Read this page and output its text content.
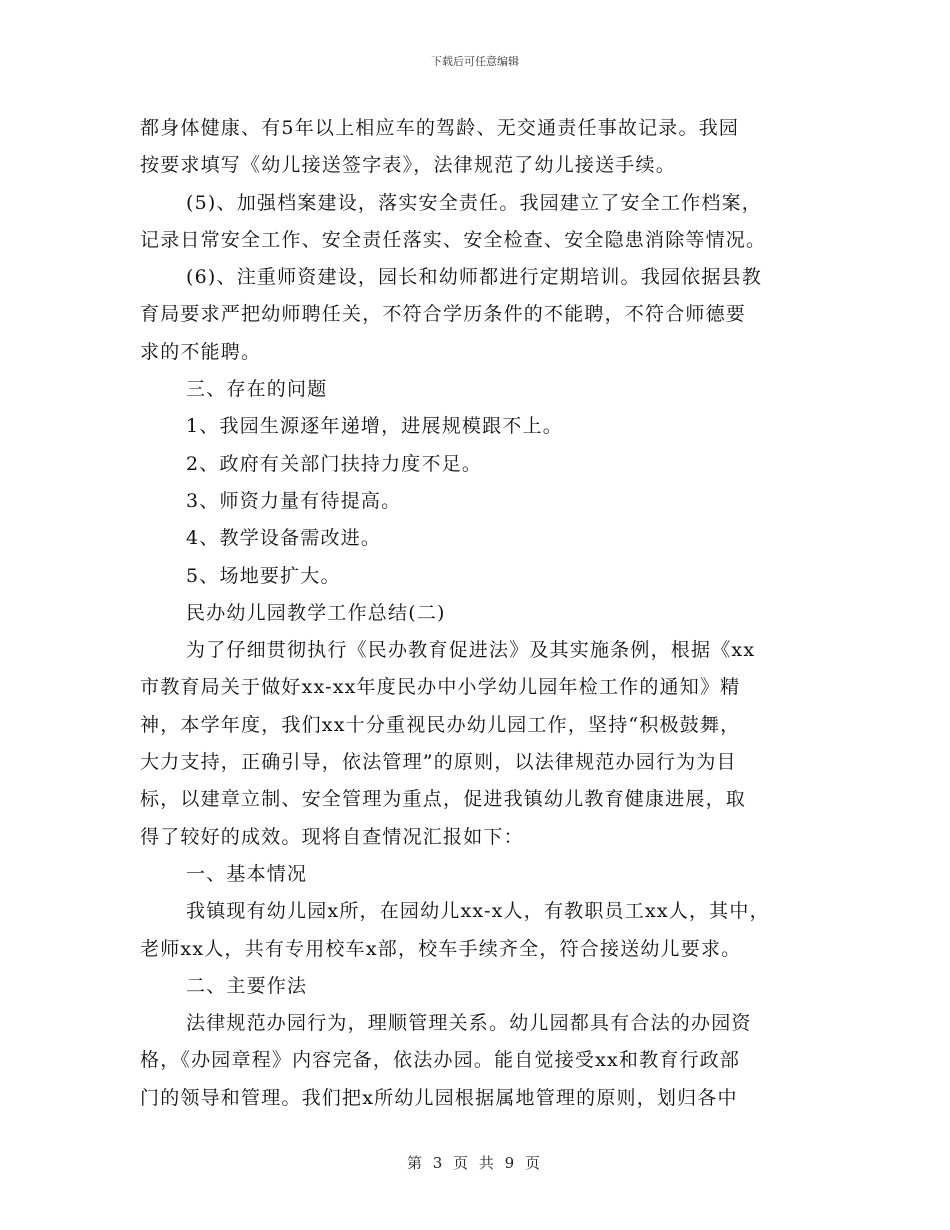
下载后可任意编辑
都身体健康、有5年以上相应车的驾龄、无交通责任事故记录。我园
按要求填写《幼儿接送签字表》，法律规范了幼儿接送手续。
(5)、加强档案建设，落实安全责任。我园建立了安全工作档案，
记录日常安全工作、安全责任落实、安全检查、安全隐患消除等情况。
(6)、注重师资建设，园长和幼师都进行定期培训。我园依据县教
育局要求严把幼师聘任关，不符合学历条件的不能聘，不符合师德要
求的不能聘。
三、存在的问题
1、我园生源逐年递增，进展规模跟不上。
2、政府有关部门扶持力度不足。
3、师资力量有待提高。
4、教学设备需改进。
5、场地要扩大。
民办幼儿园教学工作总结(二)
为了仔细贯彻执行《民办教育促进法》及其实施条例，根据《xx
市教育局关于做好xx-xx年度民办中小学幼儿园年检工作的通知》精
神，本学年度，我们xx十分重视民办幼儿园工作，坚持“积极鼓舞，
大力支持，正确引导，依法管理”的原则，以法律规范办园行为为目
标，以建章立制、安全管理为重点，促进我镇幼儿教育健康进展，取
得了较好的成效。现将自查情况汇报如下：
一、基本情况
我镇现有幼儿园x所，在园幼儿xx-x人，有教职员工xx人，其中，
老师xx人，共有专用校车x部，校车手续齐全，符合接送幼儿要求。
二、主要作法
法律规范办园行为，理顺管理关系。幼儿园都具有合法的办园资
格，《办园章程》内容完备，依法办园。能自觉接受xx和教育行政部
门的领导和管理。我们把x所幼儿园根据属地管理的原则，划归各中
第 3 页 共 9 页
